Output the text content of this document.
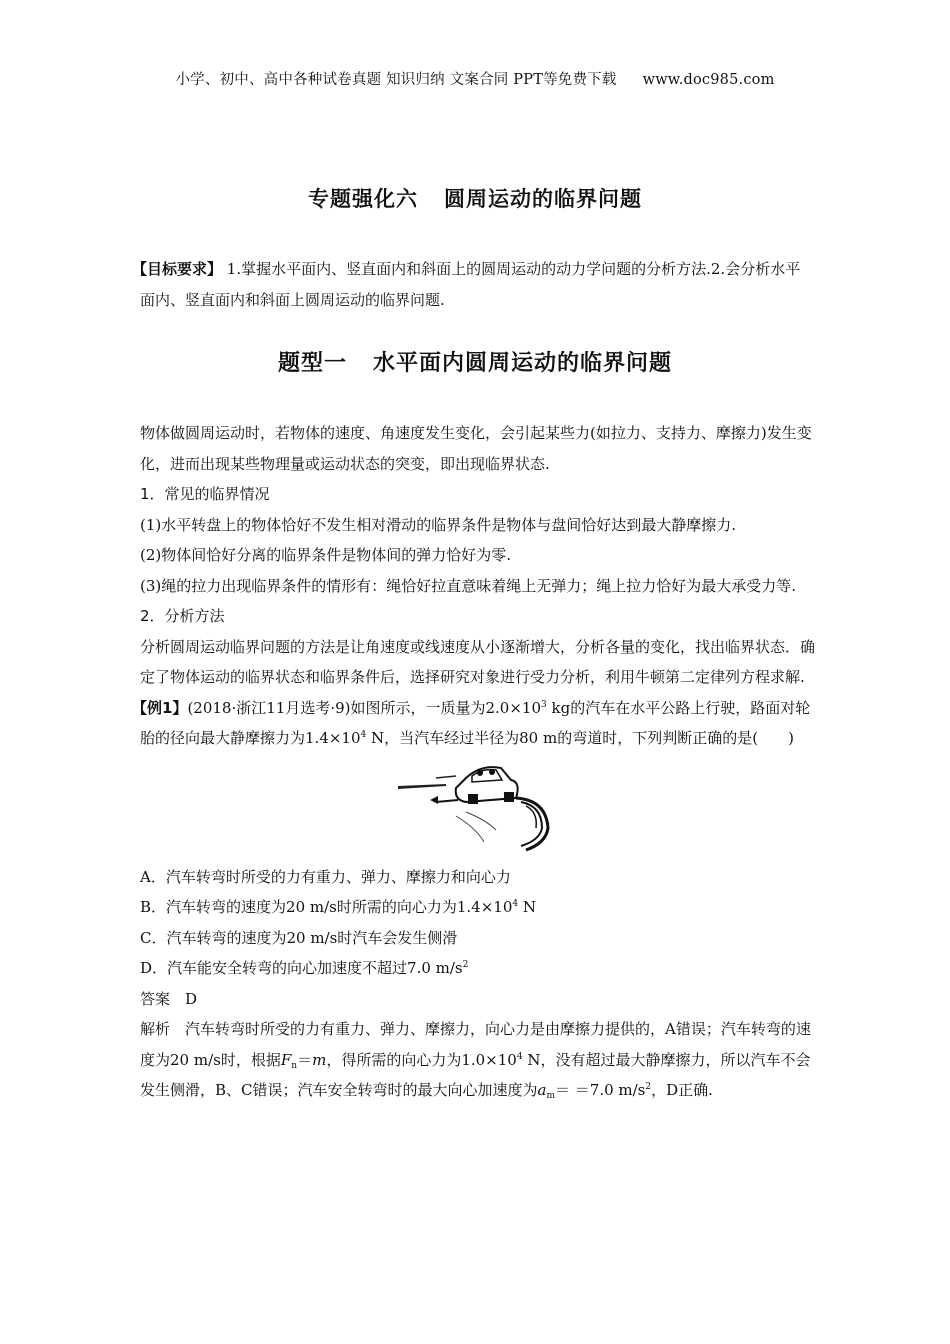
小学、初中、高中各种试卷真题 知识归纳 文案合同 PPT等免费下载 www.doc985.com
专题强化六 圆周运动的临界问题
【目标要求】 1.掌握水平面内、竖直面内和斜面上的圆周运动的动力学问题的分析方法.2.会分析水平面内、竖直面内和斜面上圆周运动的临界问题.
题型一 水平面内圆周运动的临界问题

物体做圆周运动时，若物体的速度、角速度发生变化，会引起某些力(如拉力、支持力、摩擦力)发生变化，进而出现某些物理量或运动状态的突变，即出现临界状态.

1．常见的临界情况

(1)水平转盘上的物体恰好不发生相对滑动的临界条件是物体与盘间恰好达到最大静摩擦力.

(2)物体间恰好分离的临界条件是物体间的弹力恰好为零.

(3)绳的拉力出现临界条件的情形有：绳恰好拉直意味着绳上无弹力；绳上拉力恰好为最大承受力等.

2．分析方法

分析圆周运动临界问题的方法是让角速度或线速度从小逐渐增大，分析各量的变化，找出临界状态．确定了物体运动的临界状态和临界条件后，选择研究对象进行受力分析，利用牛顿第二定律列方程求解.

【例1】(2018·浙江11月选考·9)如图所示，一质量为$2.0\times 10^3$ kg的汽车在水平公路上行驶，路面对轮胎的径向最大静摩擦力为$1.4\times 10^4$ N，当汽车经过半径为80 m的弯道时，下列判断正确的是(　　)

A．汽车转弯时所受的力有重力、弹力、摩擦力和向心力

B．汽车转弯的速度为20 m/s时所需的向心力为$1.4\times 10^4$ N

C．汽车转弯的速度为20 m/s时汽车会发生侧滑

D．汽车能安全转弯的向心加速度不超过7.0 $m/s^2$

答案　 D

解析　 汽车转弯时所受的力有重力、弹力、摩擦力，向心力是由摩擦力提供的，A错误；汽车转弯的速度为20 m/s时，根据$F_n=m$，得所需的向心力为$1.0\times 10^4$ N，没有超过最大静摩擦力，所以汽车不会发生侧滑，B、C错误；汽车安全转弯时的最大向心加速度为$a_m= =7.0$ $m/s^2$，D正确.
